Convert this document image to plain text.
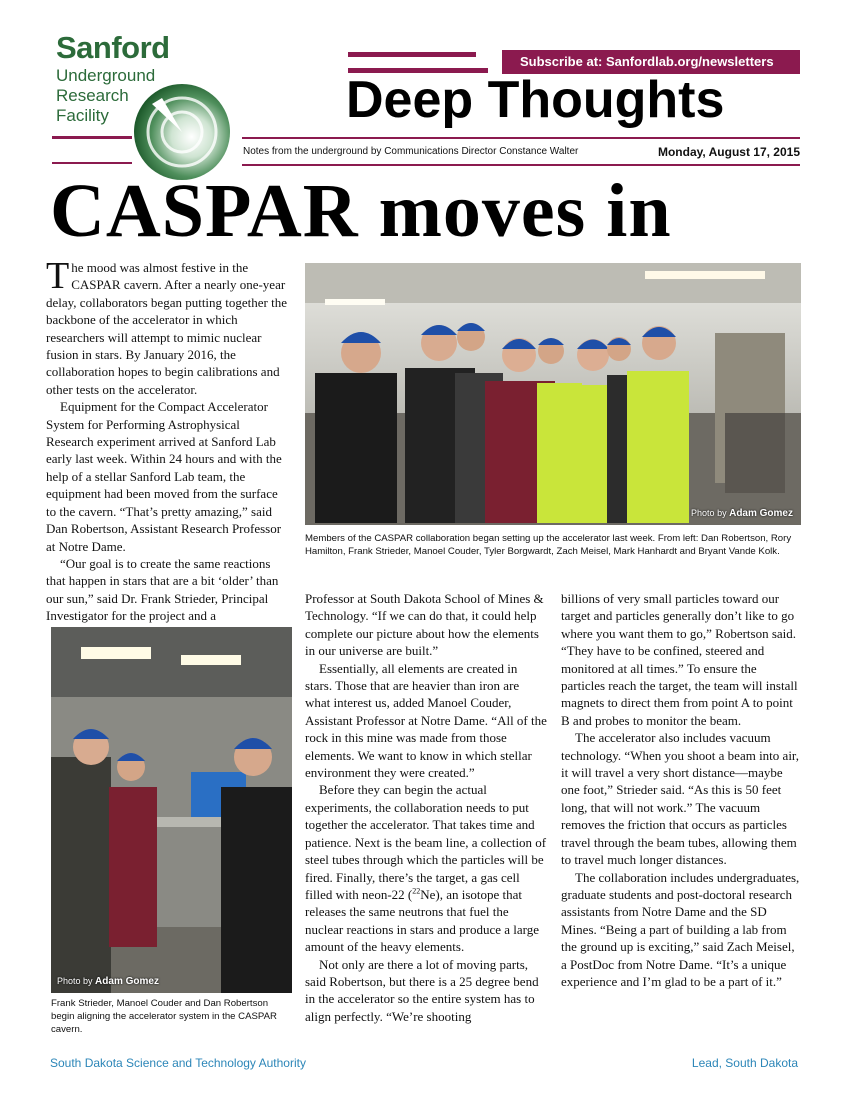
Sanford
Underground
Research
Facility
Subscribe at: Sanfordlab.org/newsletters
Deep Thoughts
Notes from the underground by Communications Director Constance Walter	Monday, August 17, 2015
CASPAR moves in

The mood was almost festive in the CASPAR cavern. After a nearly one-year delay, collaborators began putting together the backbone of the accelerator in which researchers will attempt to mimic nuclear fusion in stars. By January 2016, the collaboration hopes to begin calibrations and other tests on the accelerator.

Equipment for the Compact Accelerator System for Performing Astrophysical Research experiment arrived at Sanford Lab early last week. Within 24 hours and with the help of a stellar Sanford Lab team, the equipment had been moved from the surface to the cavern. “That’s pretty amazing,” said Dan Robertson, Assistant Research Professor at Notre Dame.

“Our goal is to create the same reactions that happen in stars that are a bit ‘older’ than our sun,” said Dr. Frank Strieder, Principal Investigator for the project and a

Photo by Adam Gomez
Members of the CASPAR collaboration began setting up the accelerator last week. From left: Dan Robertson, Rory Hamilton, Frank Strieder, Manoel Couder, Tyler Borgwardt, Zach Meisel, Mark Hanhardt and Bryant Vande Kolk.
Photo by Adam Gomez
Frank Strieder, Manoel Couder and Dan Robertson begin aligning the accelerator system in the CASPAR cavern.

Professor at South Dakota School of Mines & Technology. “If we can do that, it could help complete our picture about how the elements in our universe are built.”

Essentially, all elements are created in stars. Those that are heavier than iron are what interest us, added Manoel Couder, Assistant Professor at Notre Dame. “All of the rock in this mine was made from those elements. We want to know in which stellar environment they were created.”

Before they can begin the actual experiments, the collaboration needs to put together the accelerator. That takes time and patience. Next is the beam line, a collection of steel tubes through which the particles will be fired. Finally, there’s the target, a gas cell filled with neon-22 ($^{22}$Ne), an isotope that releases the same neutrons that fuel the nuclear reactions in stars and produce a large amount of the heavy elements.

Not only are there a lot of moving parts, said Robertson, but there is a 25 degree bend in the accelerator so the entire system has to align perfectly. “We’re shooting

billions of very small particles toward our target and particles generally don’t like to go where you want them to go,” Robertson said. “They have to be confined, steered and monitored at all times.” To ensure the particles reach the target, the team will install magnets to direct them from point A to point B and probes to monitor the beam.

The accelerator also includes vacuum technology. “When you shoot a beam into air, it will travel a very short distance—maybe one foot,” Strieder said. “As this is 50 feet long, that will not work.” The vacuum removes the friction that occurs as particles travel through the beam tubes, allowing them to travel much longer distances.

The collaboration includes undergraduates, graduate students and post-doctoral research assistants from Notre Dame and the SD Mines. “Being a part of building a lab from the ground up is exciting,” said Zach Meisel, a PostDoc from Notre Dame. “It’s a unique experience and I’m glad to be a part of it.”

South Dakota Science and Technology Authority	Lead, South Dakota
